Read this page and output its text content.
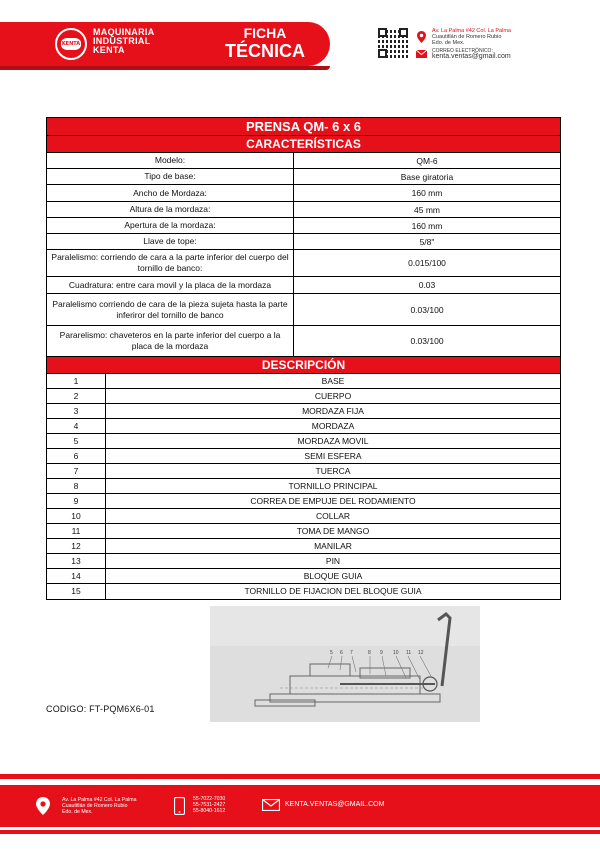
KENTA
MAQUINARIA
INDUSTRIAL
KENTA
FICHA
TÉCNICA
Av. La Palma #42 Col. La Palma
Cuautitlán de Romero Rubio
Edo. de Mex.
CORREO ELECTRÓNICO:
kenta.ventas@gmail.com
PRENSA QM- 6 x 6
CARACTERÍSTICAS
Modelo:	QM-6
Tipo de base:	Base giratoria
Ancho de Mordaza:	160 mm
Altura de la mordaza:	45 mm
Apertura de la mordaza:	160 mm
Llave de tope:	5/8"
Paralelismo: corriendo de cara a la parte inferior del cuerpo del tornillo de banco:	0.015/100
Cuadratura: entre cara movil y la placa de la mordaza	0.03
Paralelismo corriendo de cara de la pieza sujeta hasta la parte inferiror del tornillo de banco	0.03/100
Pararelismo: chaveteros en la parte inferior del cuerpo a la placa de la mordaza	0.03/100
DESCRIPCIÓN
1	BASE
2	CUERPO
3	MORDAZA FIJA
4	MORDAZA
5	MORDAZA MOVIL
6	SEMI ESFERA
7	TUERCA
8	TORNILLO PRINCIPAL
9	CORREA DE EMPUJE DEL RODAMIENTO
10	COLLAR
11	TOMA DE MANGO
12	MANILAR
13	PIN
14	BLOQUE GUIA
15	TORNILLO DE FIJACION DEL BLOQUE GUIA
5 6 7	8 9 10 11 12
CODIGO: FT-PQM6X6-01
Av. La Palma #42 Col. La Palma
Cuautitlán de Romero Rubio
Edo. de Mex.
55-7022-7030
55-7531-2427
55-8040-1612
KENTA.VENTAS@GMAIL.COM
